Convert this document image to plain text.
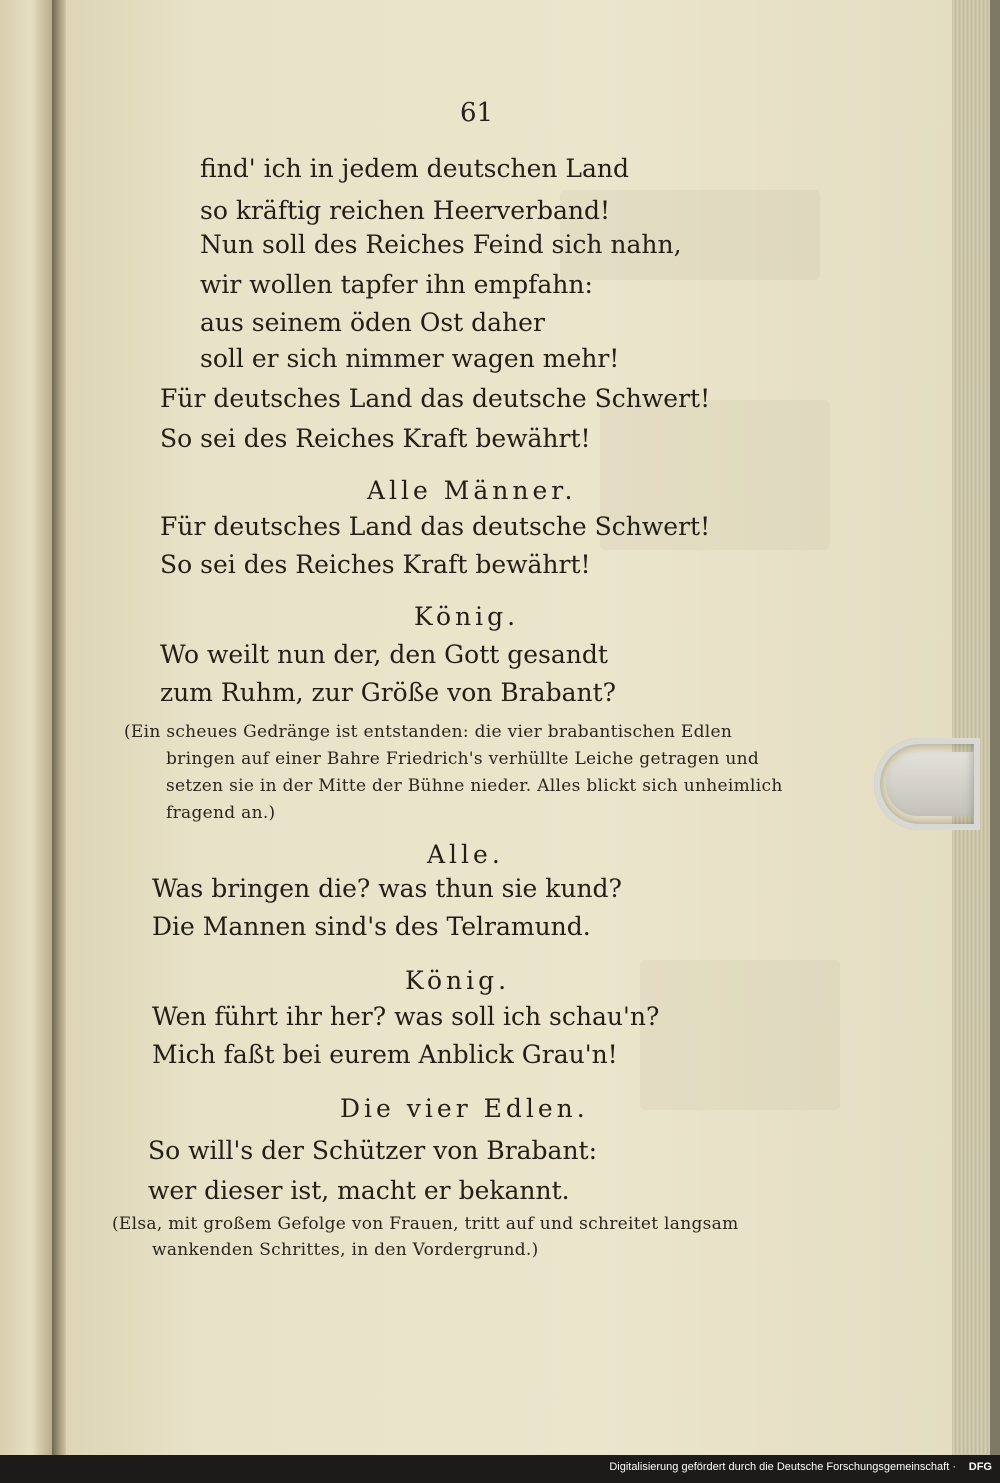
61
find' ich in jedem deutschen Land
so kräftig reichen Heerverband!
Nun soll des Reiches Feind sich nahn,
wir wollen tapfer ihn empfahn:
aus seinem öden Ost daher
soll er sich nimmer wagen mehr!
Für deutsches Land das deutsche Schwert!
So sei des Reiches Kraft bewährt!
Alle Männer.
Für deutsches Land das deutsche Schwert!
So sei des Reiches Kraft bewährt!
König.
Wo weilt nun der, den Gott gesandt
zum Ruhm, zur Größe von Brabant?
(Ein scheues Gedränge ist entstanden: die vier brabantischen Edlen
bringen auf einer Bahre Friedrich's verhüllte Leiche getragen und
setzen sie in der Mitte der Bühne nieder. Alles blickt sich unheimlich
fragend an.)
Alle.
Was bringen die? was thun sie kund?
Die Mannen sind's des Telramund.
König.
Wen führt ihr her? was soll ich schau'n?
Mich faßt bei eurem Anblick Grau'n!
Die vier Edlen.
So will's der Schützer von Brabant:
wer dieser ist, macht er bekannt.
(Elsa, mit großem Gefolge von Frauen, tritt auf und schreitet langsam
wankenden Schrittes, in den Vordergrund.)
Digitalisierung gefördert durch die Deutsche Forschungsgemeinschaft · DFG
